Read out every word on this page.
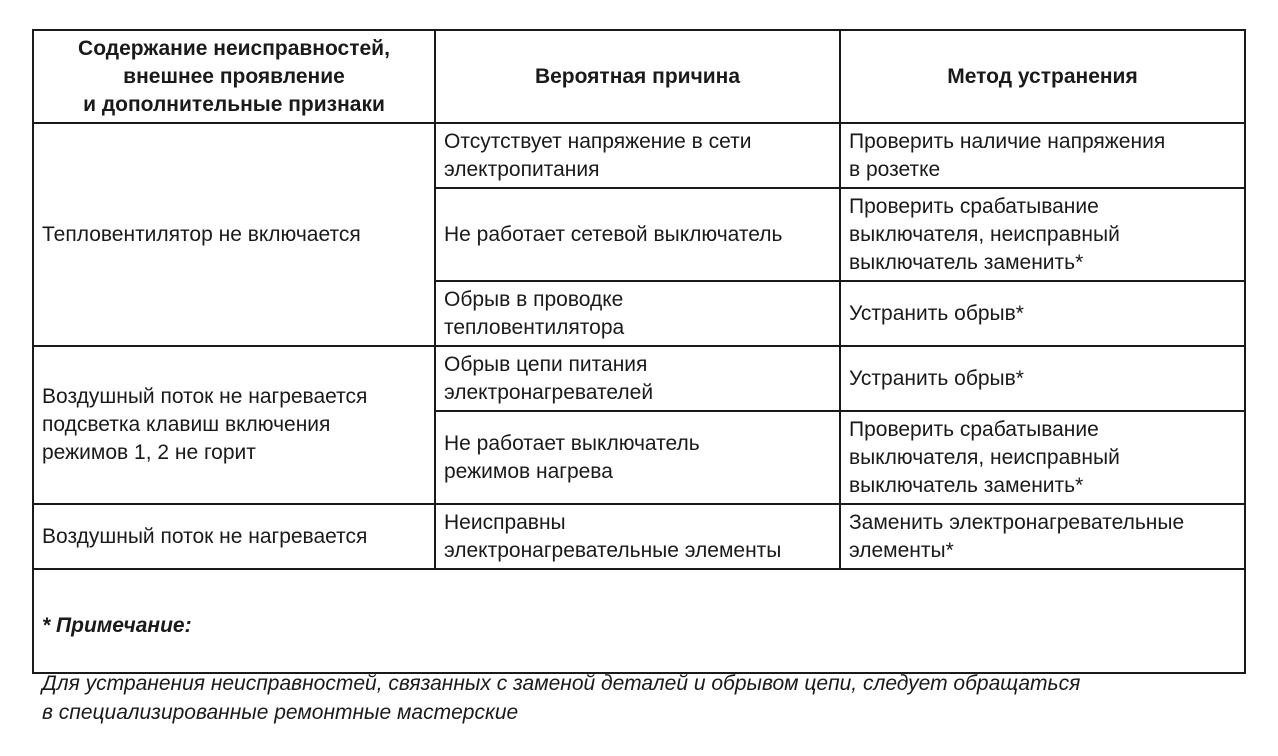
Содержание неисправностей,
внешнее проявление
и дополнительные признаки
Вероятная причина	Метод устранения
Тепловентилятор не включается
Отсутствует напряжение в сети
электропитания
Проверить наличие напряжения
в розетке
Не работает сетевой выключатель
Проверить срабатывание
выключателя, неисправный
выключатель заменить*
Обрыв в проводке
тепловентилятора
Устранить обрыв*
Воздушный поток не нагревается
подсветка клавиш включения
режимов 1, 2 не горит
Обрыв цепи питания
электронагревателей
Устранить обрыв*
Не работает выключатель
режимов нагрева
Проверить срабатывание
выключателя, неисправный
выключатель заменить*
Воздушный поток не нагревается
Неисправны
электронагревательные элементы
Заменить электронагревательные
элементы*

* Примечание:

Для устранения неисправностей, связанных с заменой деталей и обрывом цепи, следует обращаться
в специализированные ремонтные мастерские
